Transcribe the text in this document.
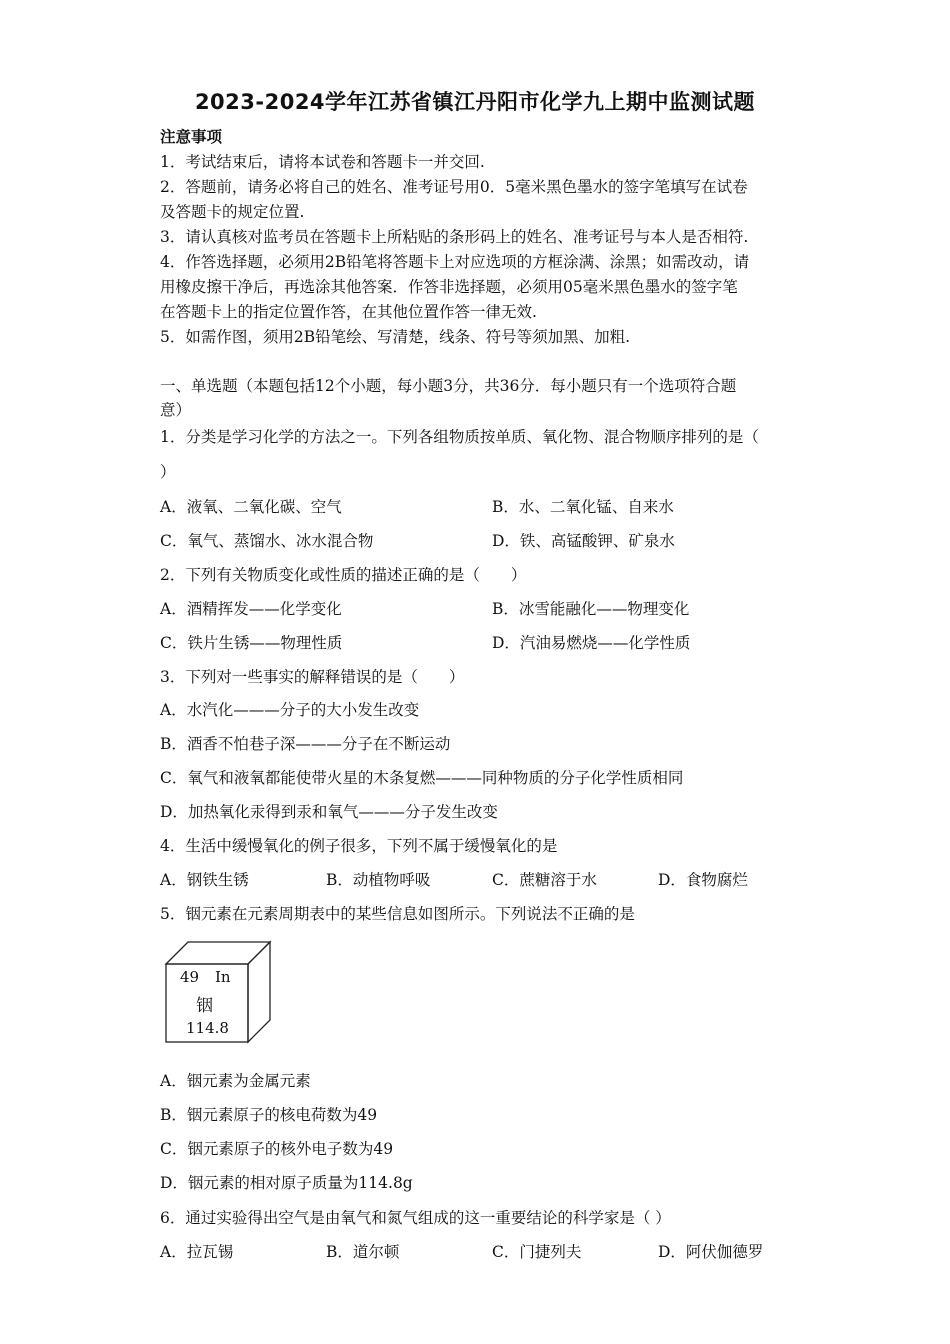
2023-2024学年江苏省镇江丹阳市化学九上期中监测试题
注意事项
1．考试结束后，请将本试卷和答题卡一并交回.
2．答题前，请务必将自己的姓名、准考证号用0．5毫米黑色墨水的签字笔填写在试卷
及答题卡的规定位置.
3．请认真核对监考员在答题卡上所粘贴的条形码上的姓名、准考证号与本人是否相符.
4．作答选择题，必须用2B铅笔将答题卡上对应选项的方框涂满、涂黑；如需改动，请
用橡皮擦干净后，再选涂其他答案．作答非选择题，必须用05毫米黑色墨水的签字笔
在答题卡上的指定位置作答，在其他位置作答一律无效.
5．如需作图，须用2B铅笔绘、写清楚，线条、符号等须加黑、加粗.
一、单选题（本题包括12个小题，每小题3分，共36分．每小题只有一个选项符合题
意）
1．分类是学习化学的方法之一。下列各组物质按单质、氧化物、混合物顺序排列的是（
）
A．液氧、二氧化碳、空气	B．水、二氧化锰、自来水
C．氧气、蒸馏水、冰水混合物	D．铁、高锰酸钾、矿泉水
2．下列有关物质变化或性质的描述正确的是（　　）
A．酒精挥发——化学变化	B．冰雪能融化——物理变化
C．铁片生锈——物理性质	D．汽油易燃烧——化学性质
3．下列对一些事实的解释错误的是（　　）
A．水汽化———分子的大小发生改变
B．酒香不怕巷子深———分子在不断运动
C．氧气和液氧都能使带火星的木条复燃———同种物质的分子化学性质相同
D．加热氧化汞得到汞和氧气———分子发生改变
4．生活中缓慢氧化的例子很多，下列不属于缓慢氧化的是
A．钢铁生锈	B．动植物呼吸	C．蔗糖溶于水	D．食物腐烂
5．铟元素在元素周期表中的某些信息如图所示。下列说法不正确的是
49 In
铟
114.8
A．铟元素为金属元素
B．铟元素原子的核电荷数为49
C．铟元素原子的核外电子数为49
D．铟元素的相对原子质量为114.8g
6．通过实验得出空气是由氧气和氮气组成的这一重要结论的科学家是（ ）
A．拉瓦锡	B．道尔顿	C．门捷列夫	D．阿伏伽德罗
